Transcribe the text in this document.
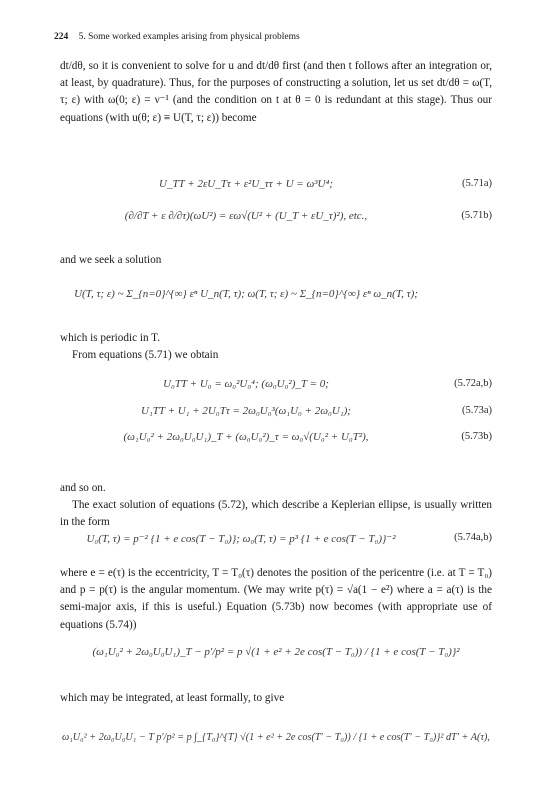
224 5. Some worked examples arising from physical problems

dt/dθ, so it is convenient to solve for u and dt/dθ first (and then t follows after an integration or, at least, by quadrature). Thus, for the purposes of constructing a solution, let us set dt/dθ = ω(T, τ; ε) with ω(0; ε) = ν⁻¹ (and the condition on t at θ = 0 is redundant at this stage). Thus our equations (with u(θ; ε) ≡ U(T, τ; ε)) become

U_TT + 2εU_Tτ + ε²U_ττ + U = ω³U⁴;	(5.71a)
(∂/∂T + ε ∂/∂τ)(ωU²) = εω√(U² + (U_T + εU_τ)²), etc.,	(5.71b)

and we seek a solution

U(T, τ; ε) ~ Σ_{n=0}^{∞} εⁿ U_n(T, τ); ω(T, τ; ε) ~ Σ_{n=0}^{∞} εⁿ ω_n(T, τ);

which is periodic in T.

From equations (5.71) we obtain

U₀TT + U₀ = ω₀²U₀⁴; (ω₀U₀²)_T = 0;	(5.72a,b)
U₁TT + U₁ + 2U₀Tτ = 2ω₀U₀³(ω₁U₀ + 2ω₀U₁);	(5.73a)
(ω₁U₀² + 2ω₀U₀U₁)_T + (ω₀U₀²)_τ = ω₀√(U₀² + U₀T²),	(5.73b)

and so on.

The exact solution of equations (5.72), which describe a Keplerian ellipse, is usually written in the form

U₀(T, τ) = p⁻² {1 + e cos(T − T₀)}; ω₀(T, τ) = p³ {1 + e cos(T − T₀)}⁻²	(5.74a,b)

where e = e(τ) is the eccentricity, T = T₀(τ) denotes the position of the pericentre (i.e. at T = T₀) and p = p(τ) is the angular momentum. (We may write p(τ) = √a(1 − e²) where a = a(τ) is the semi-major axis, if this is useful.) Equation (5.73b) now becomes (with appropriate use of equations (5.74))

(ω₁U₀² + 2ω₀U₀U₁)_T − p′/p² = p √(1 + e² + 2e cos(T − T₀)) / {1 + e cos(T − T₀)}²

which may be integrated, at least formally, to give

ω₁U₀² + 2ω₀U₀U₁ − T p′/p² = p ∫_{T₀}^{T} √(1 + e² + 2e cos(T′ − T₀)) / {1 + e cos(T′ − T₀)}² dT′ + A(τ),
